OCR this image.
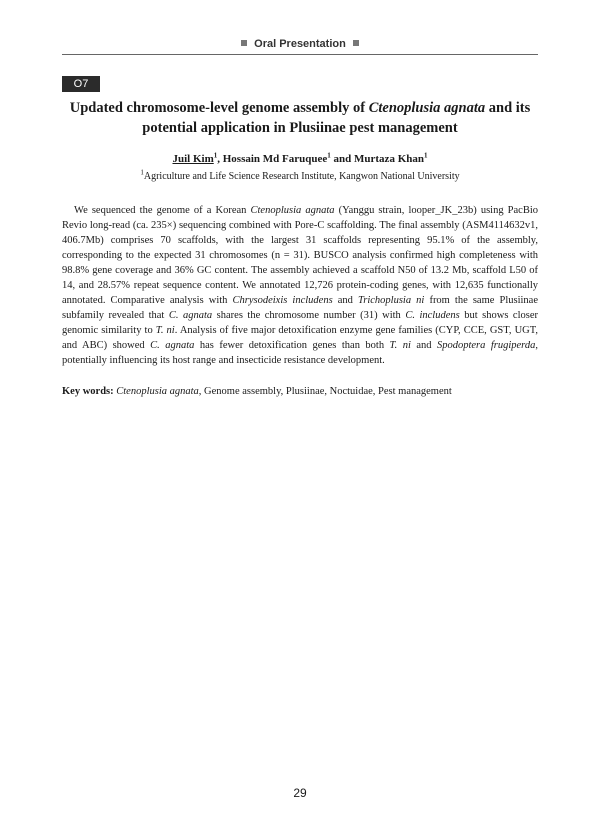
Oral Presentation
O7
Updated chromosome-level genome assembly of Ctenoplusia agnata and its potential application in Plusiinae pest management
Juil Kim$^1$, Hossain Md Faruquee$^1$ and Murtaza Khan$^1$
$^1$Agriculture and Life Science Research Institute, Kangwon National University

We sequenced the genome of a Korean Ctenoplusia agnata (Yanggu strain, looper_JK_23b) using PacBio Revio long-read (ca. 235×) sequencing combined with Pore-C scaffolding. The final assembly (ASM4114632v1, 406.7Mb) comprises 70 scaffolds, with the largest 31 scaffolds representing 95.1% of the assembly, corresponding to the expected 31 chromosomes (n = 31). BUSCO analysis confirmed high completeness with 98.8% gene coverage and 36% GC content. The assembly achieved a scaffold N50 of 13.2 Mb, scaffold L50 of 14, and 28.57% repeat sequence content. We annotated 12,726 protein-coding genes, with 12,635 functionally annotated. Comparative analysis with Chrysodeixis includens and Trichoplusia ni from the same Plusiinae subfamily revealed that C. agnata shares the chromosome number (31) with C. includens but shows closer genomic similarity to T. ni. Analysis of five major detoxification enzyme gene families (CYP, CCE, GST, UGT, and ABC) showed C. agnata has fewer detoxification genes than both T. ni and Spodoptera frugiperda, potentially influencing its host range and insecticide resistance development.

Key words: Ctenoplusia agnata, Genome assembly, Plusiinae, Noctuidae, Pest management
29
